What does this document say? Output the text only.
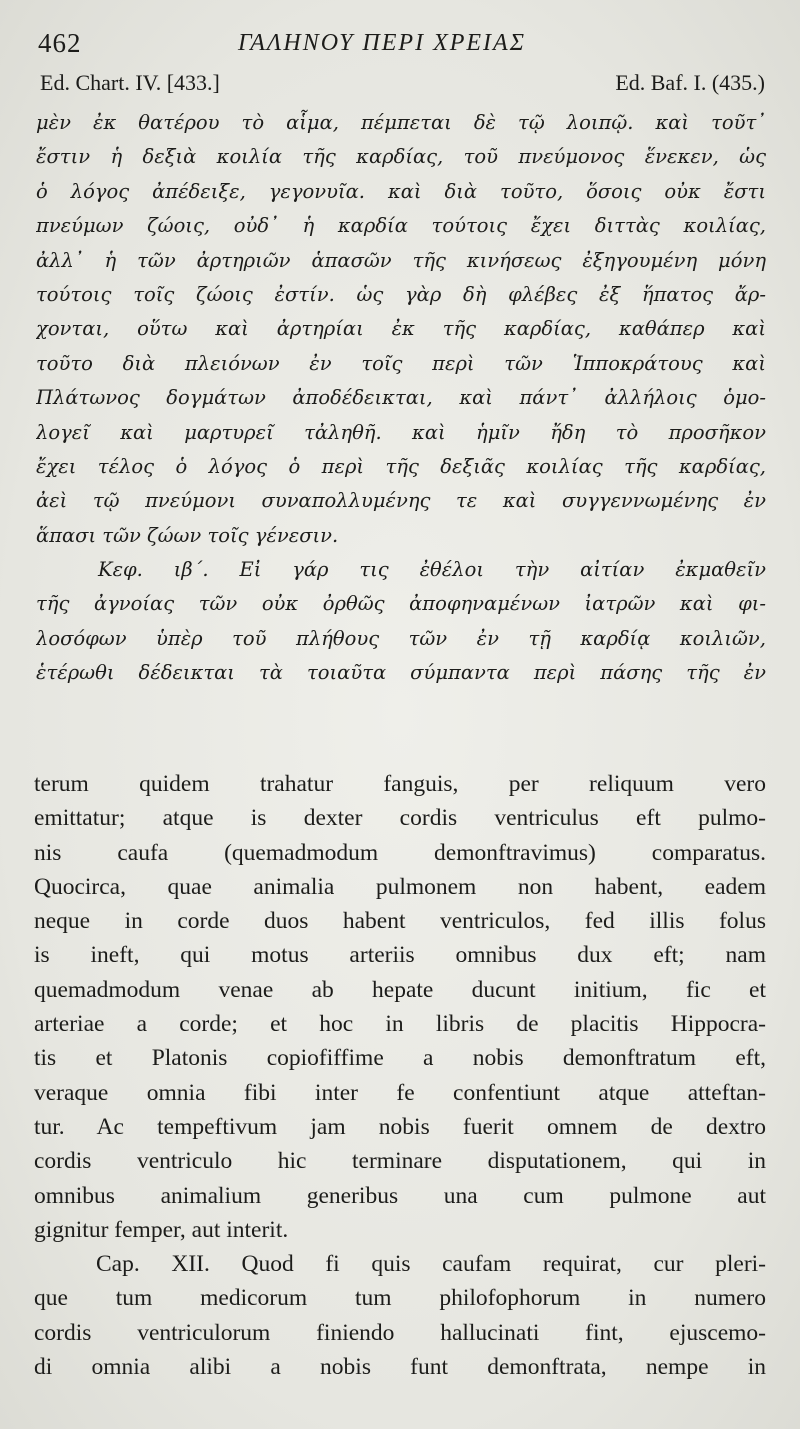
462	ΓΑΛΗΝΟΥ ΠΕΡΙ ΧΡΕΙΑΣ
Ed. Chart. IV. [433.]	Ed. Baf. I. (435.)
μὲν ἐκ θατέρου τὸ αἷμα, πέμπεται δὲ τῷ λοιπῷ. καὶ τοῦτ᾽
ἔστιν ἡ δεξιὰ κοιλία τῆς καρδίας, τοῦ πνεύμονος ἕνεκεν, ὡς
ὁ λόγος ἀπέδειξε, γεγονυῖα. καὶ διὰ τοῦτο, ὅσοις οὐκ ἔστι
πνεύμων ζώοις, οὐδ᾽ ἡ καρδία τούτοις ἔχει διττὰς κοιλίας,
ἀλλ᾽ ἡ τῶν ἀρτηριῶν ἁπασῶν τῆς κινήσεως ἐξηγουμένη μόνη
τούτοις τοῖς ζώοις ἐστίν. ὡς γὰρ δὴ φλέβες ἐξ ἥπατος ἄρ-
χονται, οὕτω καὶ ἀρτηρίαι ἐκ τῆς καρδίας, καθάπερ καὶ
τοῦτο διὰ πλειόνων ἐν τοῖς περὶ τῶν Ἱπποκράτους καὶ
Πλάτωνος δογμάτων ἀποδέδεικται, καὶ πάντ᾽ ἀλλήλοις ὁμο-
λογεῖ καὶ μαρτυρεῖ τἀληθῆ. καὶ ἡμῖν ἤδη τὸ προσῆκον
ἔχει τέλος ὁ λόγος ὁ περὶ τῆς δεξιᾶς κοιλίας τῆς καρδίας,
ἀεὶ τῷ πνεύμονι συναπολλυμένης τε καὶ συγγεννωμένης ἐν
ἅπασι τῶν ζώων τοῖς γένεσιν.
Κεφ. ιβ΄. Εἰ γάρ τις ἐθέλοι τὴν αἰτίαν ἐκμαθεῖν
τῆς ἀγνοίας τῶν οὐκ ὀρθῶς ἀποφηναμένων ἰατρῶν καὶ φι-
λοσόφων ὑπὲρ τοῦ πλήθους τῶν ἐν τῇ καρδίᾳ κοιλιῶν,
ἑτέρωθι δέδεικται τὰ τοιαῦτα σύμπαντα περὶ πάσης τῆς ἐν
terum quidem trahatur fanguis, per reliquum vero
emittatur; atque is dexter cordis ventriculus eft pulmo-
nis caufa (quemadmodum demonftravimus) comparatus.
Quocirca, quae animalia pulmonem non habent, eadem
neque in corde duos habent ventriculos, fed illis folus
is ineft, qui motus arteriis omnibus dux eft; nam
quemadmodum venae ab hepate ducunt initium, fic et
arteriae a corde; et hoc in libris de placitis Hippocra-
tis et Platonis copiofiffime a nobis demonftratum eft,
veraque omnia fibi inter fe confentiunt atque atteftan-
tur. Ac tempeftivum jam nobis fuerit omnem de dextro
cordis ventriculo hic terminare disputationem, qui in
omnibus animalium generibus una cum pulmone aut
gignitur femper, aut interit.
Cap. XII. Quod fi quis caufam requirat, cur pleri-
que tum medicorum tum philofophorum in numero
cordis ventriculorum finiendo hallucinati fint, ejuscemo-
di omnia alibi a nobis funt demonftrata, nempe in
